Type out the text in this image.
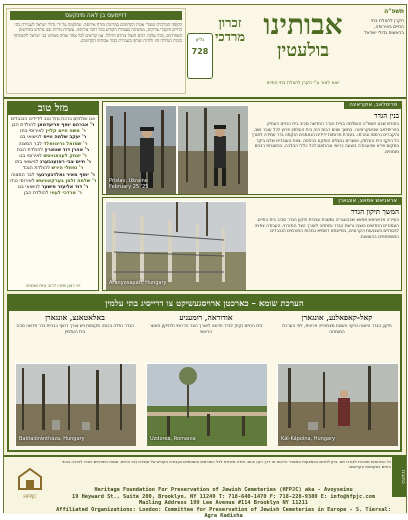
דזיימעס בן לאה מינקעס
הקופה המרכזית שומרי אבות הקדושים במדינות מזרח אירופה, שהוקמה על ידי גדולי ישראל לשמירת בתי החיים והקברי צדיקים, ממשיכה בעבודת הקודש בכל רחבי אירופה. עשרות גדרות נבנו מחדש בחודשים האחרונים, ובתי עלמין רבים הוצלו מהרס וחילול. אנו קוראים לכל אחד ואחת מאחינו בני ישראל להשתתף בזכות הגדולה הזו ולהיות שותף בשמירת כבוד אבותינו הקדושים.	גליון
728
זכרון מרדכי אבותינו
בולעטין
יוצא לאור ע"י הקרן להצלת בתי החיים
תשפ"ה
הקרן להצלת בתי החיים באירופה, בראשות גדולי ישראל
מזל טוב
אנו שולחים ברכת מזל טוב לידידינו הנכבדים
ר' אברהם יוסף פריעדמאן להולדת הבן
ר' משה חיים קליין לאירוסי בתו
ר' יעקב שלמה ווייס לנישואי בנו
ר' שמואל גרינוואלד לבר המצוה
ר' אהרן דוד שווארץ להולדת הבת
ר' יצחק לעבאוויטש לאירוסי בנו
ר' חיים צבי ראזענבערג לנישואי בתו
ר' נפתלי הירש להולדת הנכד
ר' יוסף מאיר גאלדבערגער לבר המצוה
ר' שלמה זלמן בערקאוויטש לאירוסי נכדו
ר' דוד אליעזר פישער לנישואי בנו
ר' מרדכי לעווי להולדת הבן
יהי רצון שיזכו לרוב נחת ושמחה
פריסלאב, אוקראינה
Prislav, Ukraine
February 25 '25
בנין הגדר
בחודש שבט תשפ"ה הושלמה בניית הגדר החדשה סביב בית החיים העתיק בפריסלאב שבאוקראינה. במשך שנים רבות היה בית העלמין פרוץ לכל עובר ושב, והקברים נרמסו ונהרסו. בעזרת תרומות ידידינו הנאמנים הוקמה גדר עמידה לאורך כל היקף בית העלמין, ושערים ננעלים הותקנו בכניסה. צוות העובדים שלנו ביקר במקום ווידא שהעבודה בוצעה כראוי ובהתאם לכל כללי ההלכה, בהשגחת רבנים מומחים.
אראניאש אפאצ, אונגארן
Aranyosapáti, Hungary
המשך תיקון הגדר
בעיירה אראניאש אפאצ שבהונגריה נמשכת עבודת תיקון הגדר סביב בית החיים. העמודים החדשים הוצבו ורשת הגדר נמתחה לאורך הצד המזרחי. העבודה צפויה להסתיים בשבועות הקרובים, בסייעתא דשמיא ובזכות התורמים הנכבדים המשתתפים בהוצאות.
הערכת שומא – כארכטן ארויסגעשיקט צו דרייסיג בתי עלמין
קאל-קאפאלנע, אונגארן
תיקון הגדר הישנה וניקוי השטח מצמחייה פראית, לפי הערכת המומחה
Kál-Kápolna, Hungary
אודוראה, רומעניע
בית החיים זקוק לגדר חדשה לאורך הצד הדרומי ולתיקון השער הראשי
Uzdorea, Romania
באלאטאנצ, אונגארן
הגדר נפלה בכמה מקומות ויש צורך דחוף בבניית גדר חדשה סביב בית העלמין
Baktalórántháza, Hungary
כתובת
כל התרומות מוכרות לצורכי מס. ניתן לתרום באמצעות המשרד הראשי או דרך הקו החם. תודה מיוחדת לכל התורמים והשותפים בעבודת הקודש של שמירת בתי החיים. שמות התורמים יוזכרו לברכה בבתי החיים במקומות הקדושים.
HFPJC
Heritage Foundation For Preservation of Jewish Cemeteries (HFPJC) aka - Avoyseinu
19 Heyward St., Suite 200, Brooklyn, NY 11249 T: 718-640-1470 F: 718-228-9380 E: info@hfpjc.com
Mailing Address 199 Lee Avenue #114 Brooklyn NY 11211
Affiliated Organizations: London: Committee for Preservation of Jewish Cemeteries in Europe - S. Tiersal: Agra Kadisha
